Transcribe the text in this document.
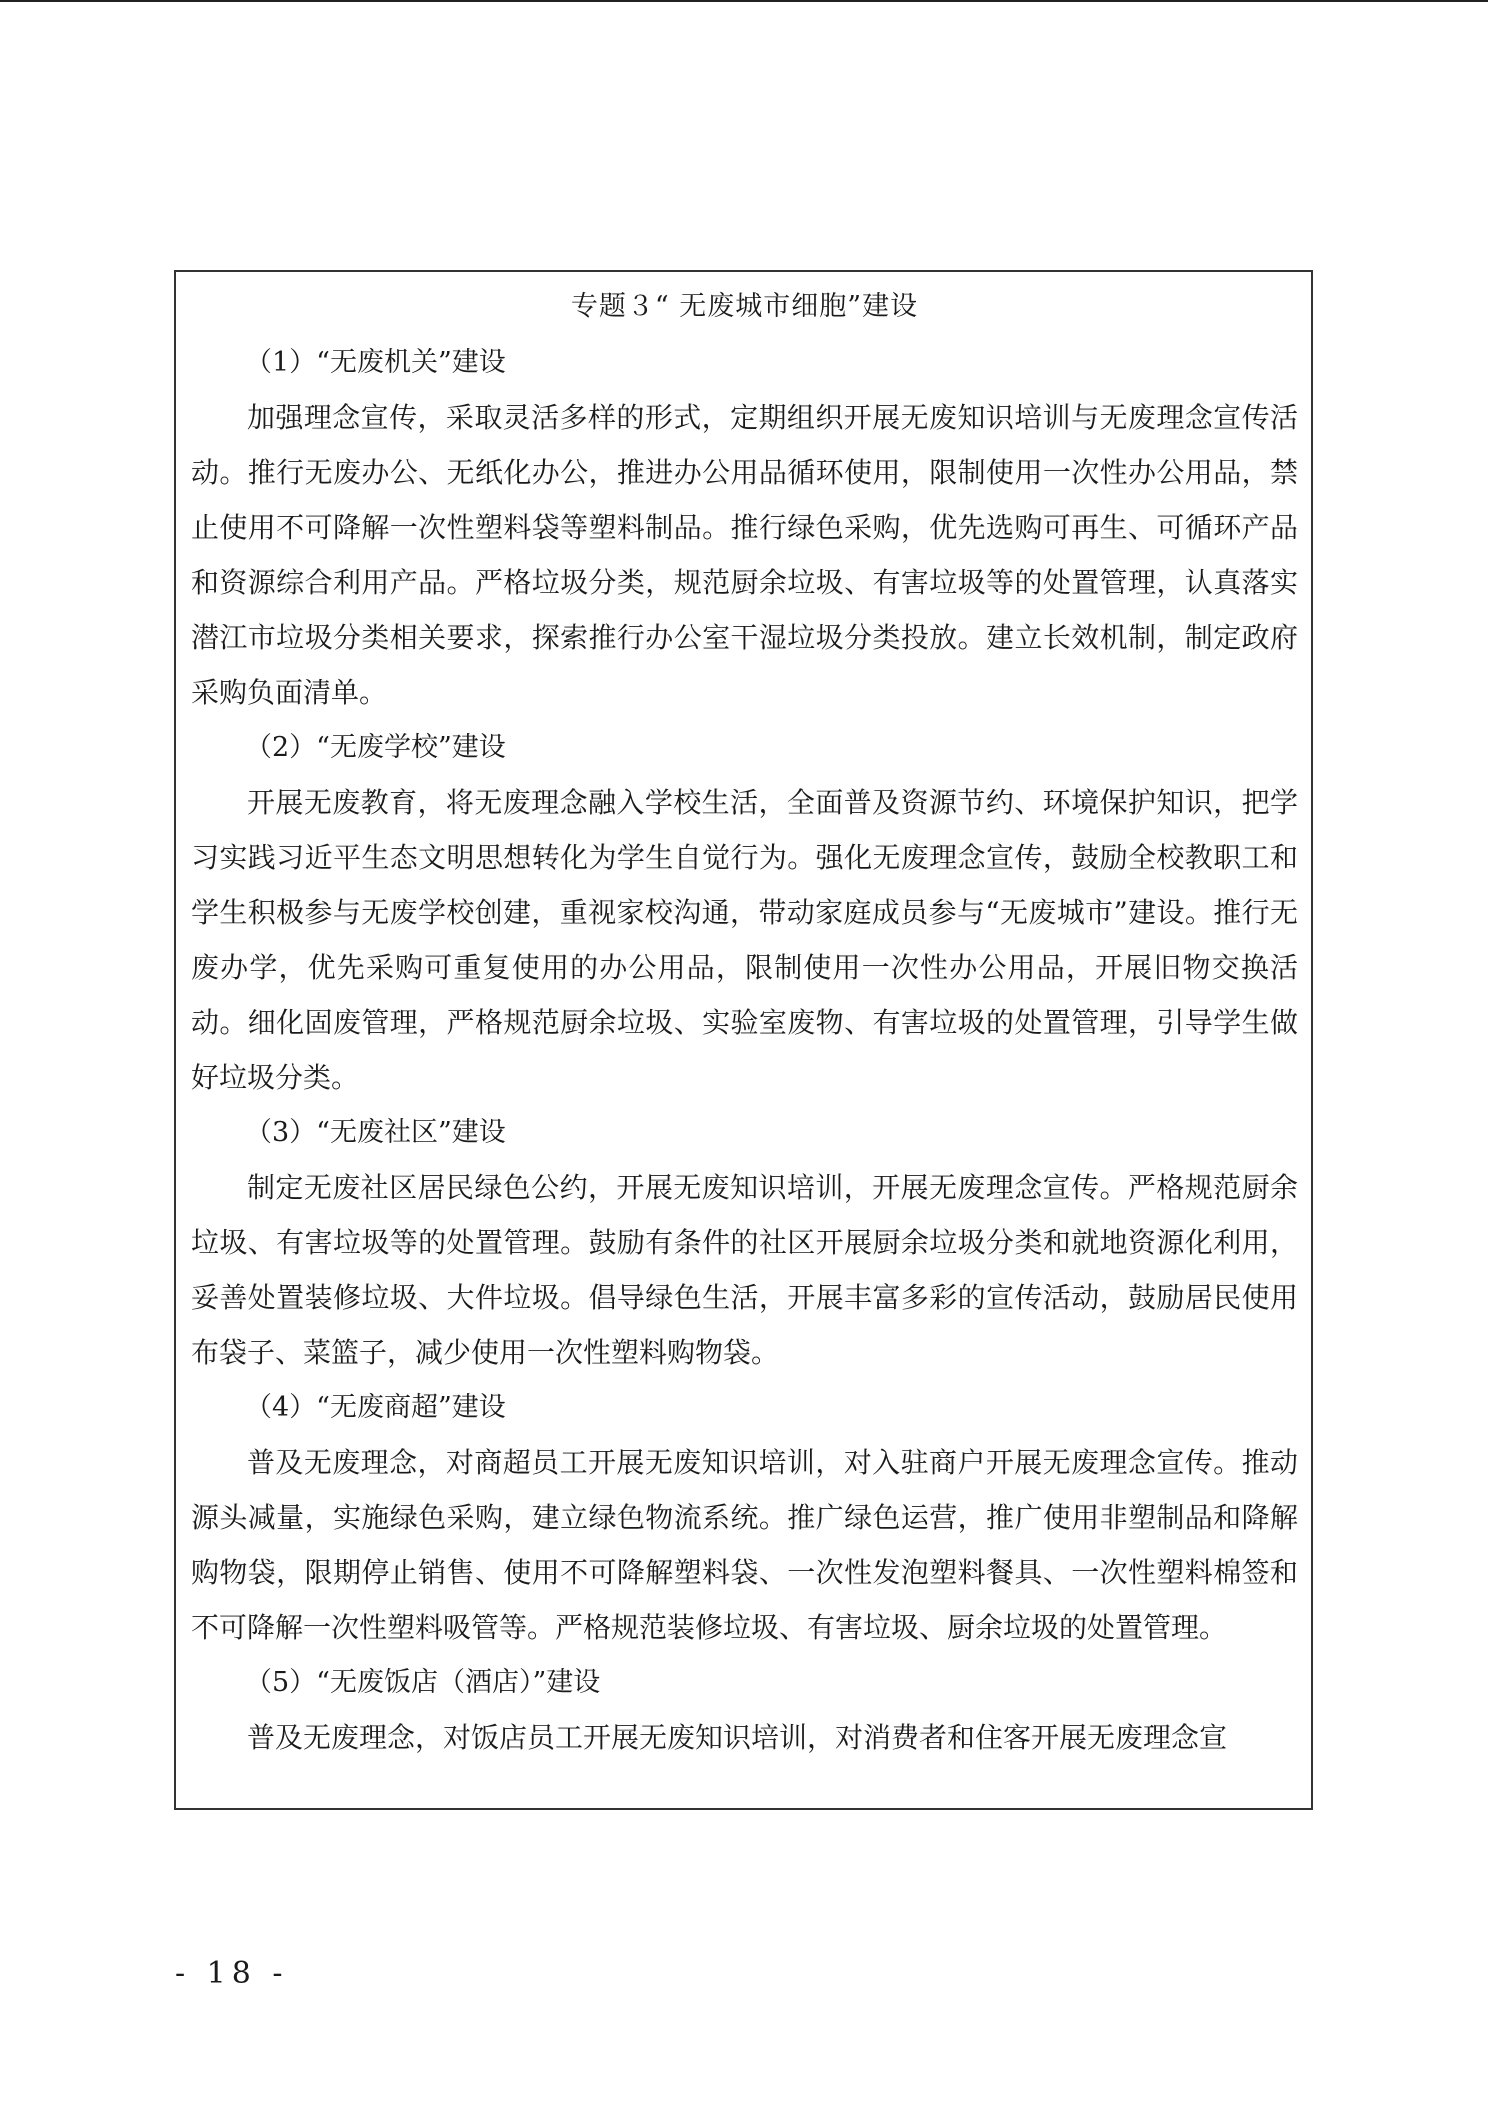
专题３“ 无废城市细胞”建设
（1）“无废机关”建设

加强理念宣传，采取灵活多样的形式，定期组织开展无废知识培训与无废理念宣传活动。推行无废办公、无纸化办公，推进办公用品循环使用，限制使用一次性办公用品，禁止使用不可降解一次性塑料袋等塑料制品。推行绿色采购，优先选购可再生、可循环产品和资源综合利用产品。严格垃圾分类，规范厨余垃圾、有害垃圾等的处置管理，认真落实潜江市垃圾分类相关要求，探索推行办公室干湿垃圾分类投放。建立长效机制，制定政府采购负面清单。

（2）“无废学校”建设

开展无废教育，将无废理念融入学校生活，全面普及资源节约、环境保护知识，把学习实践习近平生态文明思想转化为学生自觉行为。强化无废理念宣传，鼓励全校教职工和学生积极参与无废学校创建，重视家校沟通，带动家庭成员参与“无废城市”建设。推行无废办学，优先采购可重复使用的办公用品，限制使用一次性办公用品，开展旧物交换活动。细化固废管理，严格规范厨余垃圾、实验室废物、有害垃圾的处置管理，引导学生做好垃圾分类。

（3）“无废社区”建设

制定无废社区居民绿色公约，开展无废知识培训，开展无废理念宣传。严格规范厨余垃圾、有害垃圾等的处置管理。鼓励有条件的社区开展厨余垃圾分类和就地资源化利用，妥善处置装修垃圾、大件垃圾。倡导绿色生活，开展丰富多彩的宣传活动，鼓励居民使用布袋子、菜篮子，减少使用一次性塑料购物袋。

（4）“无废商超”建设

普及无废理念，对商超员工开展无废知识培训，对入驻商户开展无废理念宣传。推动源头减量，实施绿色采购，建立绿色物流系统。推广绿色运营，推广使用非塑制品和降解购物袋，限期停止销售、使用不可降解塑料袋、一次性发泡塑料餐具、一次性塑料棉签和不可降解一次性塑料吸管等。严格规范装修垃圾、有害垃圾、厨余垃圾的处置管理。

（5）“无废饭店（酒店）”建设

普及无废理念，对饭店员工开展无废知识培训，对消费者和住客开展无废理念宣

- 18 -
